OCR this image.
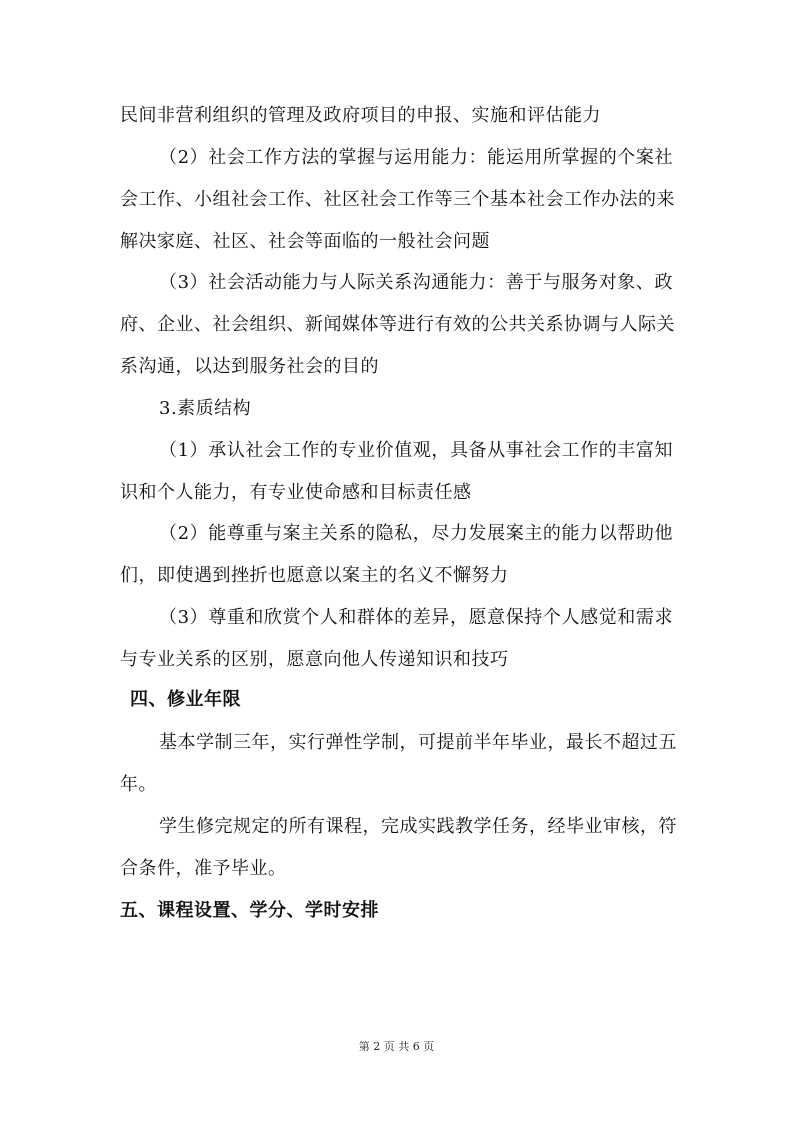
民间非营利组织的管理及政府项目的申报、实施和评估能力
（2）社会工作方法的掌握与运用能力：能运用所掌握的个案社
会工作、小组社会工作、社区社会工作等三个基本社会工作办法的来
解决家庭、社区、社会等面临的一般社会问题
（3）社会活动能力与人际关系沟通能力：善于与服务对象、政
府、企业、社会组织、新闻媒体等进行有效的公共关系协调与人际关
系沟通，以达到服务社会的目的
3.素质结构
（1）承认社会工作的专业价值观，具备从事社会工作的丰富知
识和个人能力，有专业使命感和目标责任感
（2）能尊重与案主关系的隐私，尽力发展案主的能力以帮助他
们，即使遇到挫折也愿意以案主的名义不懈努力
（3）尊重和欣赏个人和群体的差异，愿意保持个人感觉和需求
与专业关系的区别，愿意向他人传递知识和技巧
四、修业年限
基本学制三年，实行弹性学制，可提前半年毕业，最长不超过五
年。
学生修完规定的所有课程，完成实践教学任务，经毕业审核，符
合条件，准予毕业。
五、课程设置、学分、学时安排
第 2 页 共 6 页
